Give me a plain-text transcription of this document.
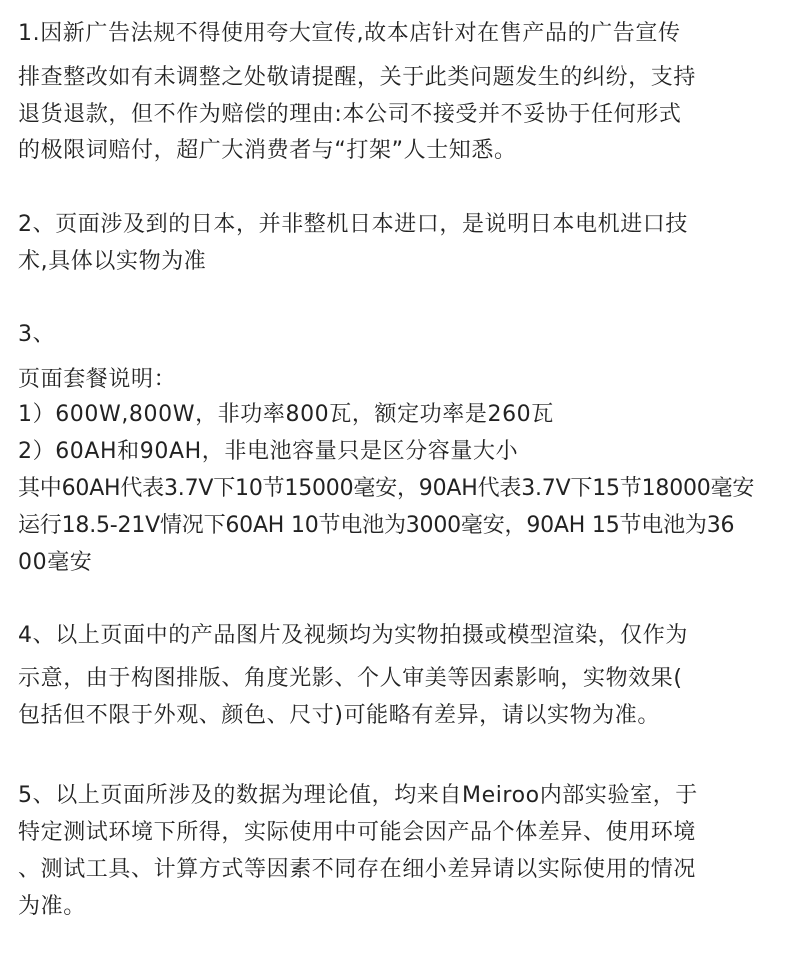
1.因新广告法规不得使用夸大宣传,故本店针对在售产品的广告宣传
排查整改如有未调整之处敬请提醒，关于此类问题发生的纠纷，支持
退货退款，但不作为赔偿的理由:本公司不接受并不妥协于任何形式
的极限词赔付，超广大消费者与“打架”人士知悉。
2、页面涉及到的日本，并非整机日本进口，是说明日本电机进口技
术,具体以实物为准
3、
页面套餐说明：
1）600W,800W，非功率800瓦，额定功率是260瓦
2）60AH和90AH，非电池容量只是区分容量大小
其中60AH代表3.7V下10节15000毫安，90AH代表3.7V下15节18000毫安
运行18.5-21V情况下60AH 10节电池为3000毫安，90AH 15节电池为36
00毫安
4、以上页面中的产品图片及视频均为实物拍摄或模型渲染，仅作为
示意，由于构图排版、角度光影、个人审美等因素影响，实物效果(
包括但不限于外观、颜色、尺寸)可能略有差异，请以实物为准。
5、以上页面所涉及的数据为理论值，均来自Meiroo内部实验室，于
特定测试环境下所得，实际使用中可能会因产品个体差异、使用环境
、测试工具、计算方式等因素不同存在细小差异请以实际使用的情况
为准。
